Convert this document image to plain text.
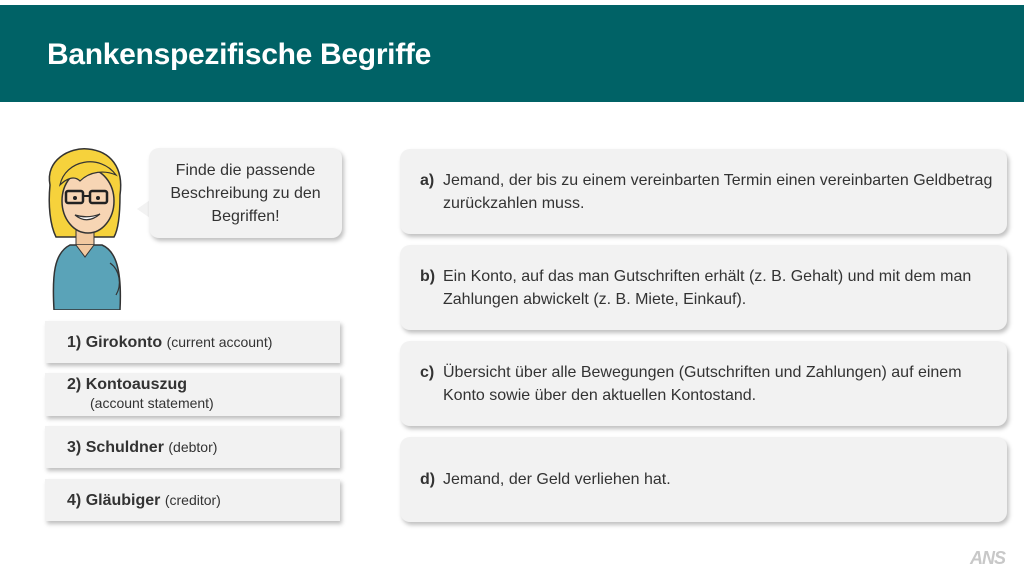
Bankenspezifische Begriffe
Finde die passende Beschreibung zu den Begriffen!
1) Girokonto (current account)
2) Kontoauszug
(account statement)
3) Schuldner (debtor)
4) Gläubiger (creditor)
a) Jemand, der bis zu einem vereinbarten Termin einen vereinbarten Geldbetrag zurückzahlen muss.
b) Ein Konto, auf das man Gutschriften erhält (z. B. Gehalt) und mit dem man Zahlungen abwickelt (z. B. Miete, Einkauf).
c) Übersicht über alle Bewegungen (Gutschriften und Zahlungen) auf einem Konto sowie über den aktuellen Kontostand.
d) Jemand, der Geld verliehen hat.
ANS
